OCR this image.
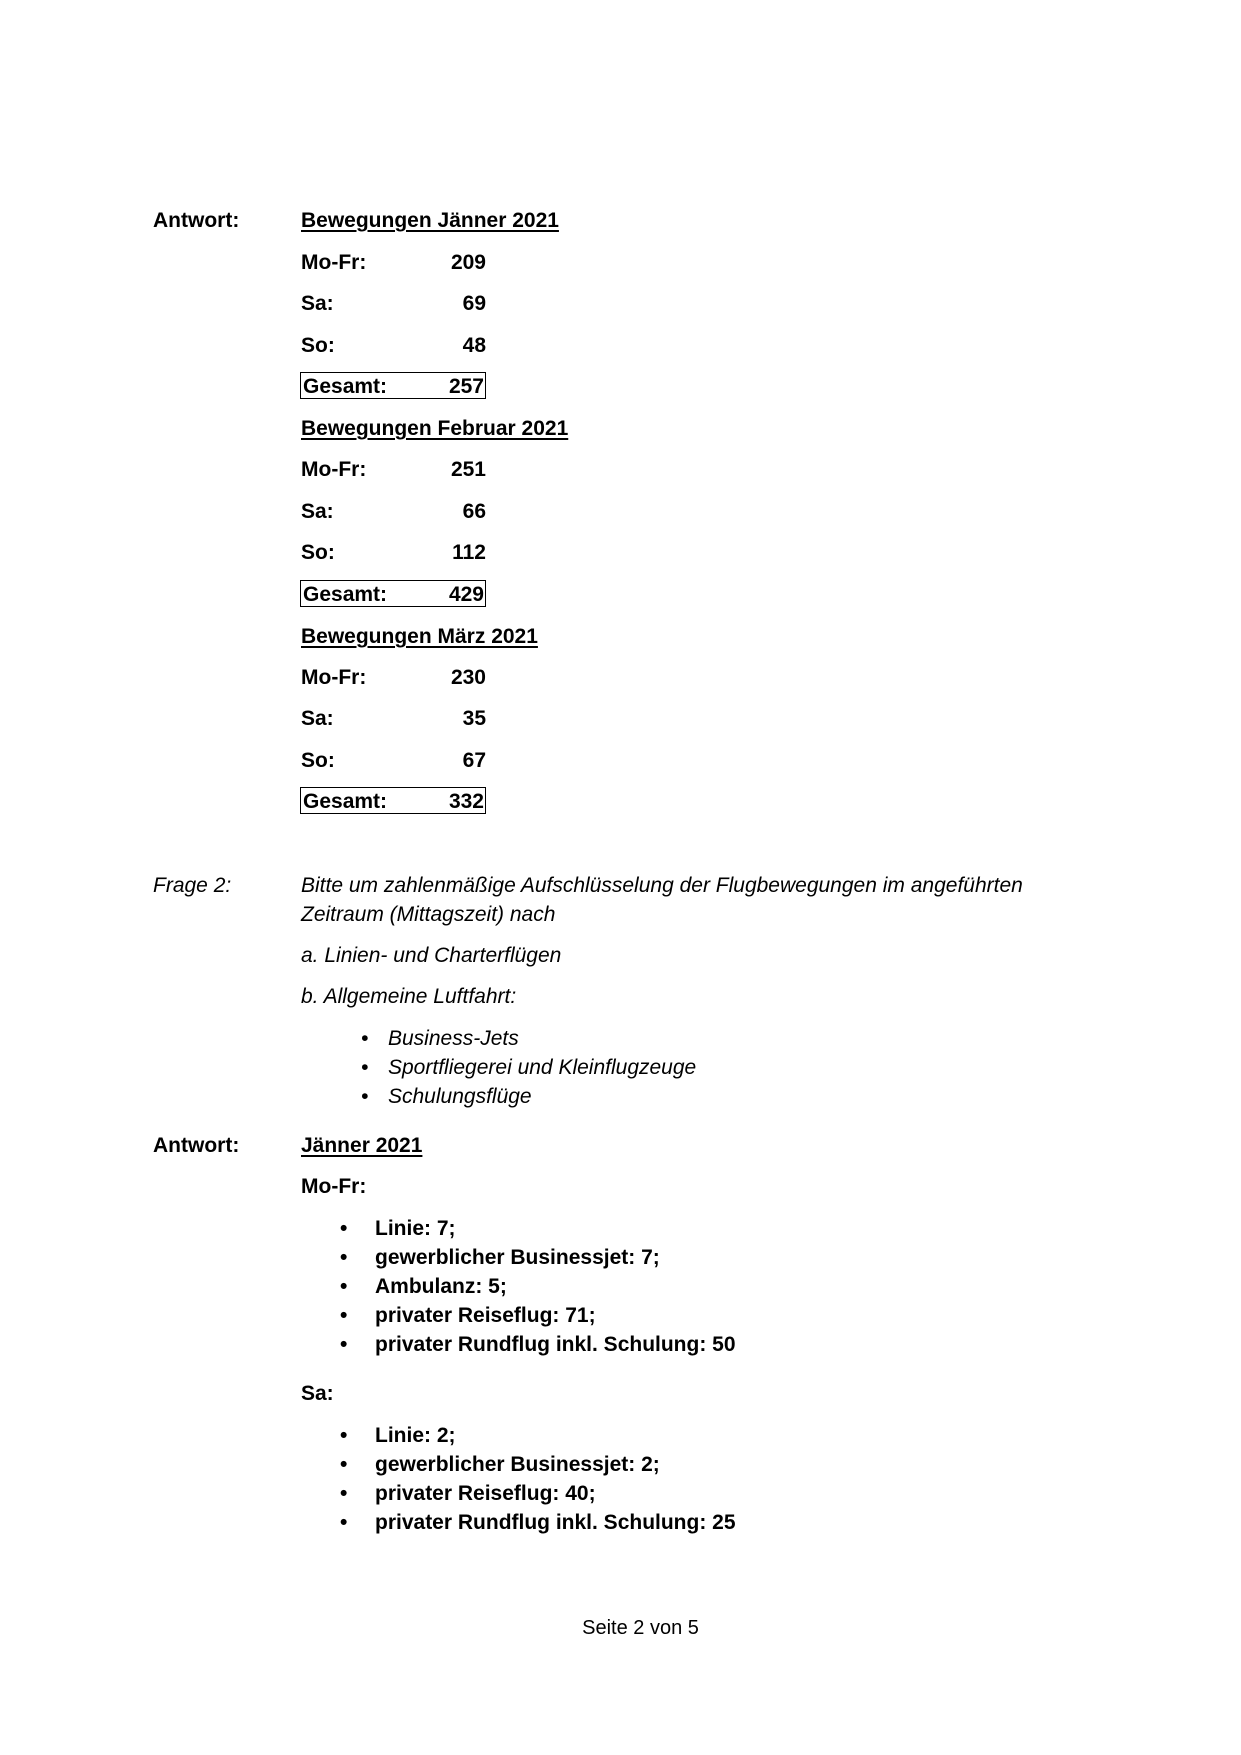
Antwort:	Bewegungen Jänner 2021
Mo-Fr:	209
Sa:	69
So:	48
Gesamt:	257
Bewegungen Februar 2021
Mo-Fr:	251
Sa:	66
So:	112
Gesamt:	429
Bewegungen März 2021
Mo-Fr:	230
Sa:	35
So:	67
Gesamt:	332
Frage 2:	Bitte um zahlenmäßige Aufschlüsselung der Flugbewegungen im angeführten
Zeitraum (Mittagszeit) nach
a. Linien- und Charterflügen
b. Allgemeine Luftfahrt:
• Business-Jets
• Sportfliegerei und Kleinflugzeuge
• Schulungsflüge
Antwort:	Jänner 2021
Mo-Fr:
• Linie: 7;
• gewerblicher Businessjet: 7;
• Ambulanz: 5;
• privater Reiseflug: 71;
• privater Rundflug inkl. Schulung: 50
Sa:
• Linie: 2;
• gewerblicher Businessjet: 2;
• privater Reiseflug: 40;
• privater Rundflug inkl. Schulung: 25
Seite 2 von 5
